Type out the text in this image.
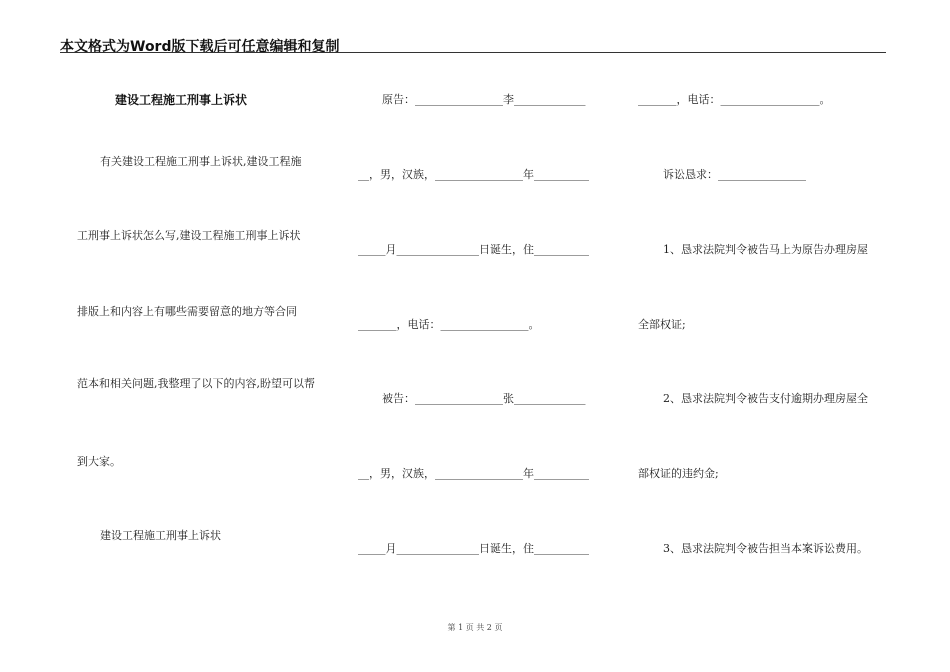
本文格式为Word版下载后可任意编辑和复制
建设工程施工刑事上诉状
有关建设工程施工刑事上诉状,建设工程施
工刑事上诉状怎么写,建设工程施工刑事上诉状
排版上和内容上有哪些需要留意的地方等合同
范本和相关问题,我整理了以下的内容,盼望可以帮
到大家。
建设工程施工刑事上诉状
原告：________________李_____________
__，男，汉族，________________年__________
_____月_______________日诞生，住__________
_______，电话：________________。
被告：________________张_____________
__，男，汉族，________________年__________
_____月_______________日诞生，住__________
_______，电话：__________________。
诉讼恳求：________________
1、恳求法院判令被告马上为原告办理房屋
全部权证;
2、恳求法院判令被告支付逾期办理房屋全
部权证的违约金;
3、恳求法院判令被告担当本案诉讼费用。
第 1 页 共 2 页
